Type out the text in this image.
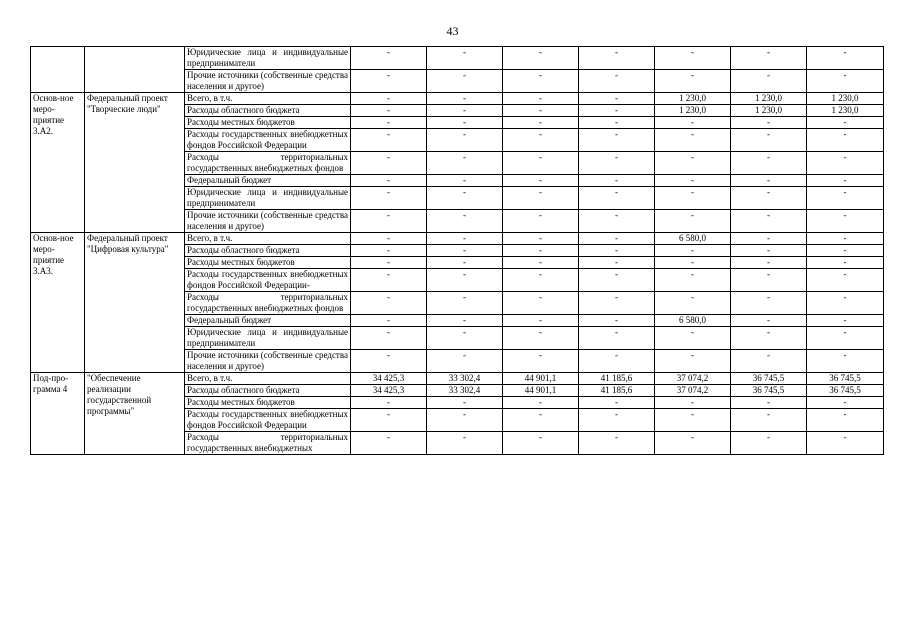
43
		Юридические лица и индивидуальные предприниматели	-	-	-	-	-	-	-
		Прочие источники (собственные средства населения и другое)	-	-	-	-	-	-	-
Основ-ное меро-приятие 3.А2.	Федеральный проект "Творческие люди"	Всего, в т.ч.	-	-	-	-	1 230,0	1 230,0	1 230,0
		Расходы областного бюджета	-	-	-	-	1 230,0	1 230,0	1 230,0
		Расходы местных бюджетов	-	-	-	-	-	-	-
		Расходы государственных внебюджетных фондов Российской Федерации	-	-	-	-	-	-	-
		Расходы территориальных государственных внебюджетных фондов	-	-	-	-	-	-	-
		Федеральный бюджет	-	-	-	-	-	-	-
		Юридические лица и индивидуальные предприниматели	-	-	-	-	-	-	-
		Прочие источники (собственные средства населения и другое)	-	-	-	-	-	-	-
Основ-ное меро-приятие 3.А3.	Федеральный проект "Цифровая культура"	Всего, в т.ч.	-	-	-	-	6 580,0	-	-
		Расходы областного бюджета	-	-	-	-	-	-	-
		Расходы местных бюджетов	-	-	-	-	-	-	-
		Расходы государственных внебюджетных фондов Российской Федерации-	-	-	-	-	-	-	-
		Расходы территориальных государственных внебюджетных фондов	-	-	-	-	-	-	-
		Федеральный бюджет	-	-	-	-	6 580,0	-	-
		Юридические лица и индивидуальные предприниматели	-	-	-	-	-	-	-
		Прочие источники (собственные средства населения и другое)	-	-	-	-	-	-	-
Под-про-грамма 4	"Обеспечение реализации государственной программы"	Всего, в т.ч.	34 425,3	33 302,4	44 901,1	41 185,6	37 074,2	36 745,5	36 745,5
		Расходы областного бюджета	34 425,3	33 302,4	44 901,1	41 185,6	37 074,2	36 745,5	36 745,5
		Расходы местных бюджетов	-	-	-	-	-	-	-
		Расходы государственных внебюджетных фондов Российской Федерации	-	-	-	-	-	-	-
		Расходы территориальных государственных внебюджетных	-	-	-	-	-	-	-
